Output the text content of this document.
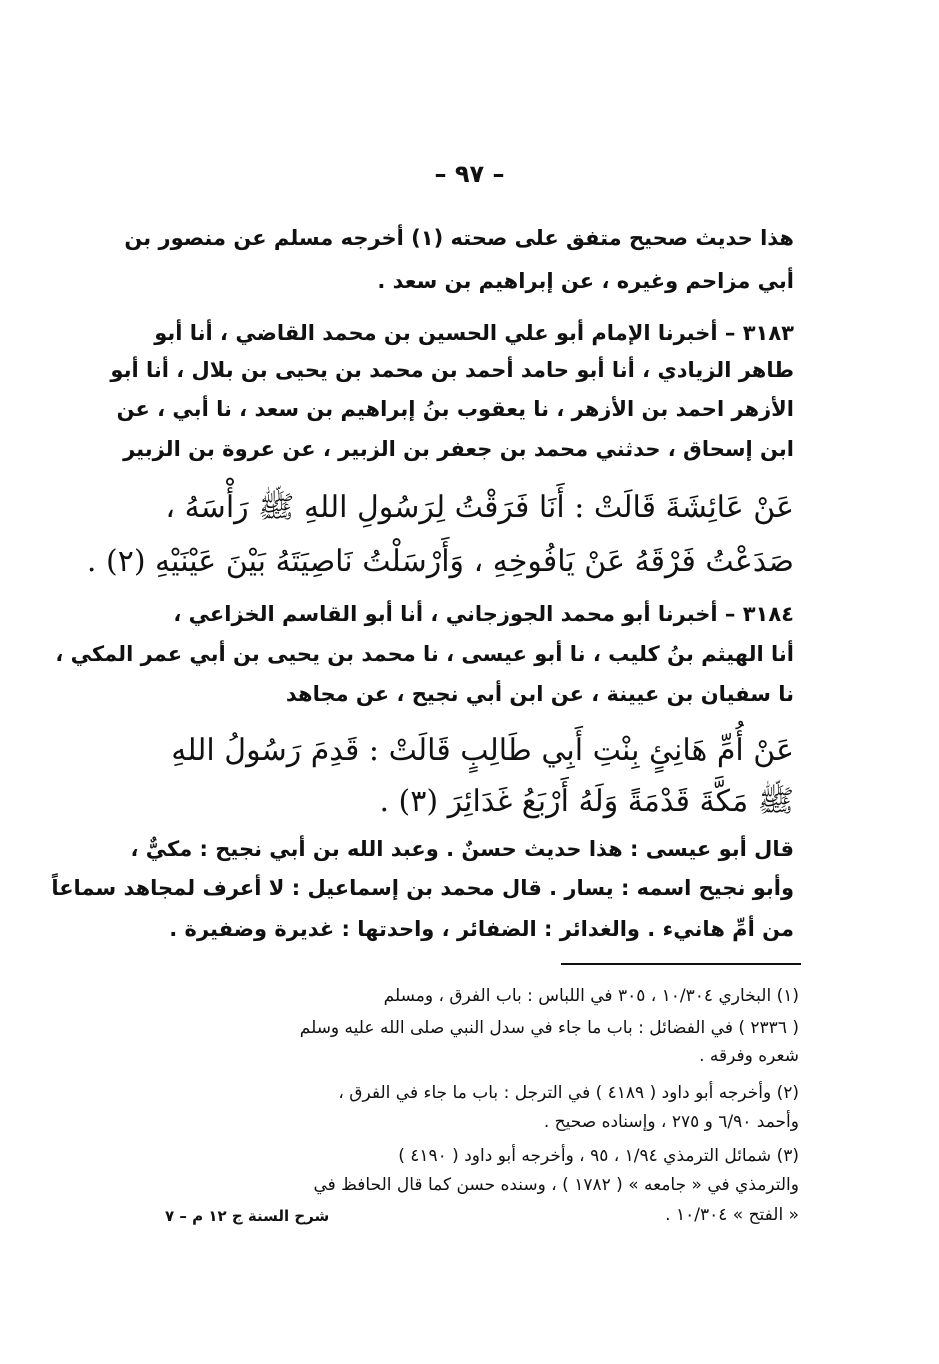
– ٩٧ –
هذا حديث صحيح متفق على صحته (١) أخرجه مسلم عن منصور بن
أبي مزاحم وغيره ، عن إبراهيم بن سعد .
٣١٨٣ – أخبرنا الإمام أبو علي الحسين بن محمد القاضي ، أنا أبو
طاهر الزيادي ، أنا أبو حامد أحمد بن محمد بن يحيى بن بلال ، أنا أبو
الأزهر احمد بن الأزهر ، نا يعقوب بنُ إبراهيم بن سعد ، نا أبي ، عن
ابن إسحاق ، حدثني محمد بن جعفر بن الزبير ، عن عروة بن الزبير
عَنْ عَائِشَةَ قَالَتْ : أَنَا فَرَقْتُ لِرَسُولِ اللهِ ﷺ رَأْسَهُ ،
صَدَعْتُ فَرْقَهُ عَنْ يَافُوخِهِ ، وَأَرْسَلْتُ نَاصِيَتَهُ بَيْنَ عَيْنَيْهِ (٢) .
٣١٨٤ – أخبرنا أبو محمد الجوزجاني ، أنا أبو القاسم الخزاعي ،
أنا الهيثم بنُ كليب ، نا أبو عيسى ، نا محمد بن يحيى بن أبي عمر المكي ،
نا سفيان بن عيينة ، عن ابن أبي نجيح ، عن مجاهد
عَنْ أُمِّ هَانِئٍ بِنْتِ أَبِي طَالِبٍ قَالَتْ : قَدِمَ رَسُولُ اللهِ
ﷺ مَكَّةَ قَدْمَةً وَلَهُ أَرْبَعُ غَدَائِرَ (٣) .
قال أبو عيسى : هذا حديث حسنٌ . وعبد الله بن أبي نجيح : مكيٌّ ،
وأبو نجيح اسمه : يسار . قال محمد بن إسماعيل : لا أعرف لمجاهد سماعاً
من أمِّ هانيء . والغدائر : الضفائر ، واحدتها : غديرة وضفيرة .
(١) البخاري ١٠/٣٠٤ ، ٣٠٥ في اللباس : باب الفرق ، ومسلم
( ٢٣٣٦ ) في الفضائل : باب ما جاء في سدل النبي صلى الله عليه وسلم
شعره وفرقه .
(٢) وأخرجه أبو داود ( ٤١٨٩ ) في الترجل : باب ما جاء في الفرق ،
وأحمد ٦/٩٠ و ٢٧٥ ، وإسناده صحيح .
(٣) شمائل الترمذي ١/٩٤ ، ٩٥ ، وأخرجه أبو داود ( ٤١٩٠ )
والترمذي في « جامعه » ( ١٧٨٢ ) ، وسنده حسن كما قال الحافظ في
« الفتح » ١٠/٣٠٤ .
شرح السنة ج ١٢ م – ٧
